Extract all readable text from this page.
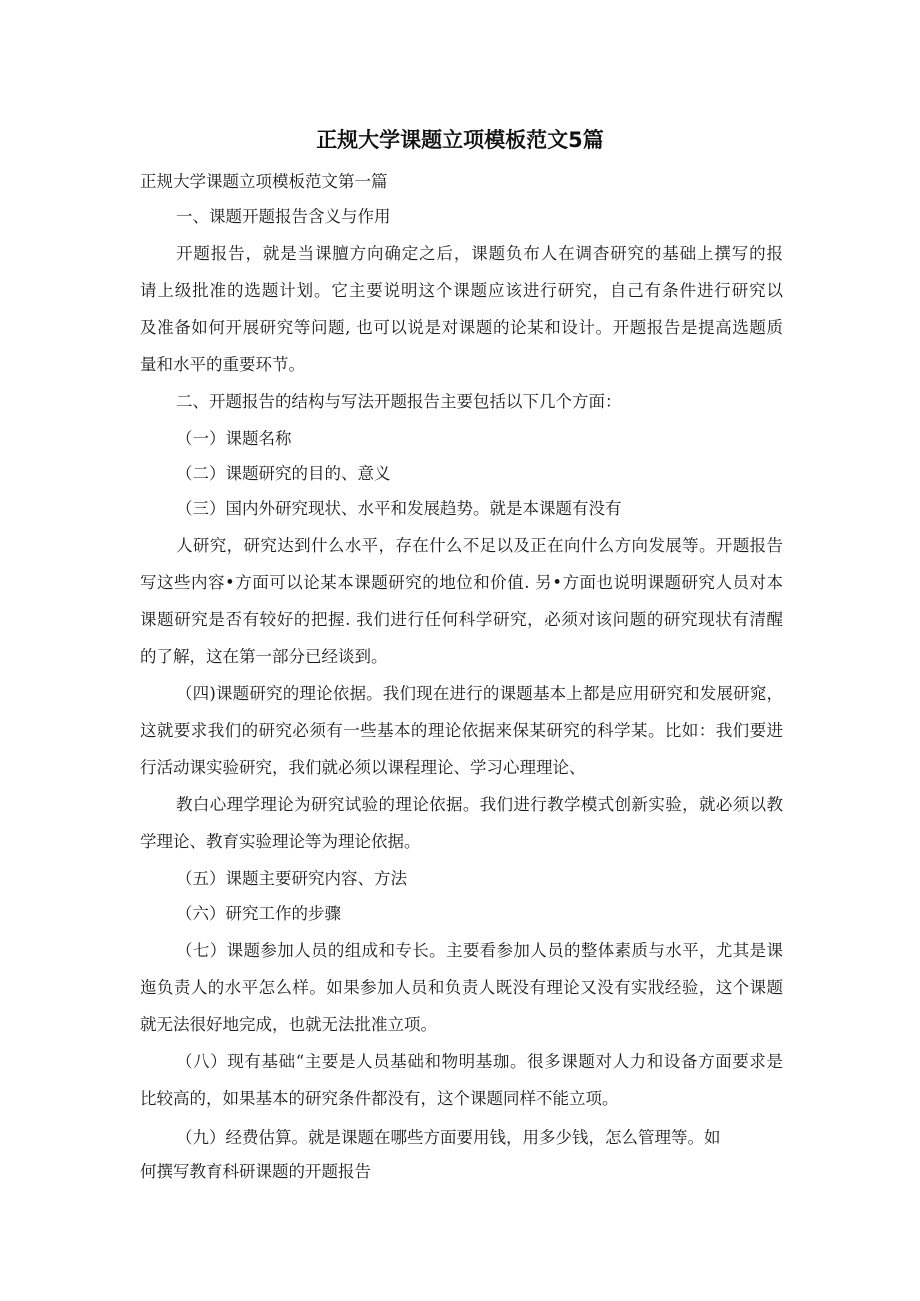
正规大学课题立项模板范文5篇
正规大学课题立项模板范文第一篇
一、课题开题报告含义与作用
开题报告，就是当课膻方向确定之后，课题负布人在调杳研究的基础上撰写的报
请上级批准的选题计划。它主要说明这个课题应该进行研究，自己有条件进行研究以
及准备如何开展研究等问题, 也可以说是对课题的论某和设计。开题报告是提高选题质
量和水平的重要环节。
二、开题报告的结构与写法开题报告主要包括以下几个方面：
（一）课题名称
（二）课题研究的目的、意义
（三）国内外研究现状、水平和发展趋势。就是本课题有没有
人研究，研究达到什么水平，存在什么不足以及正在向什么方向发展等。开题报告
写这些内容•方面可以论某本课题研究的地位和价值. 另•方面也说明课题研究人员对本
课题研究是否有较好的把握. 我们进行任何科学研究，必须对该问题的研究现状有清醒
的了解，这在第一部分已经谈到。
（四)课题研究的理论依据。我们现在进行的课题基本上都是应用研究和发展研窕，
这就要求我们的研究必须有一些基本的理论依据来保某研究的科学某。比如：我们要进
行活动课实验研究，我们就必须以课程理论、学习心理理论、
教白心理学理论为研究试验的理论依据。我们进行教学模式创新实验，就必须以教
学理论、教育实验理论等为理论依据。
（五）课题主要研究内容、方法
（六）研究工作的步骤
（七）课题参加人员的组成和专长。主要看参加人员的整体素质与水平，尤其是课
迤负责人的水平怎么样。如果参加人员和负责人既没有理论又没有实戕经验，这个课题
就无法很好地完成，也就无法批准立项。
（八）现有基础“主要是人员基础和物明基珈。很多课题对人力和设备方面要求是
比较高的，如果基本的研究条件都没有，这个课题同样不能立项。
（九）经费估算。就是课题在哪些方面要用钱，用多少钱，怎么管理等。如
何撰写教育科研课题的开题报告
